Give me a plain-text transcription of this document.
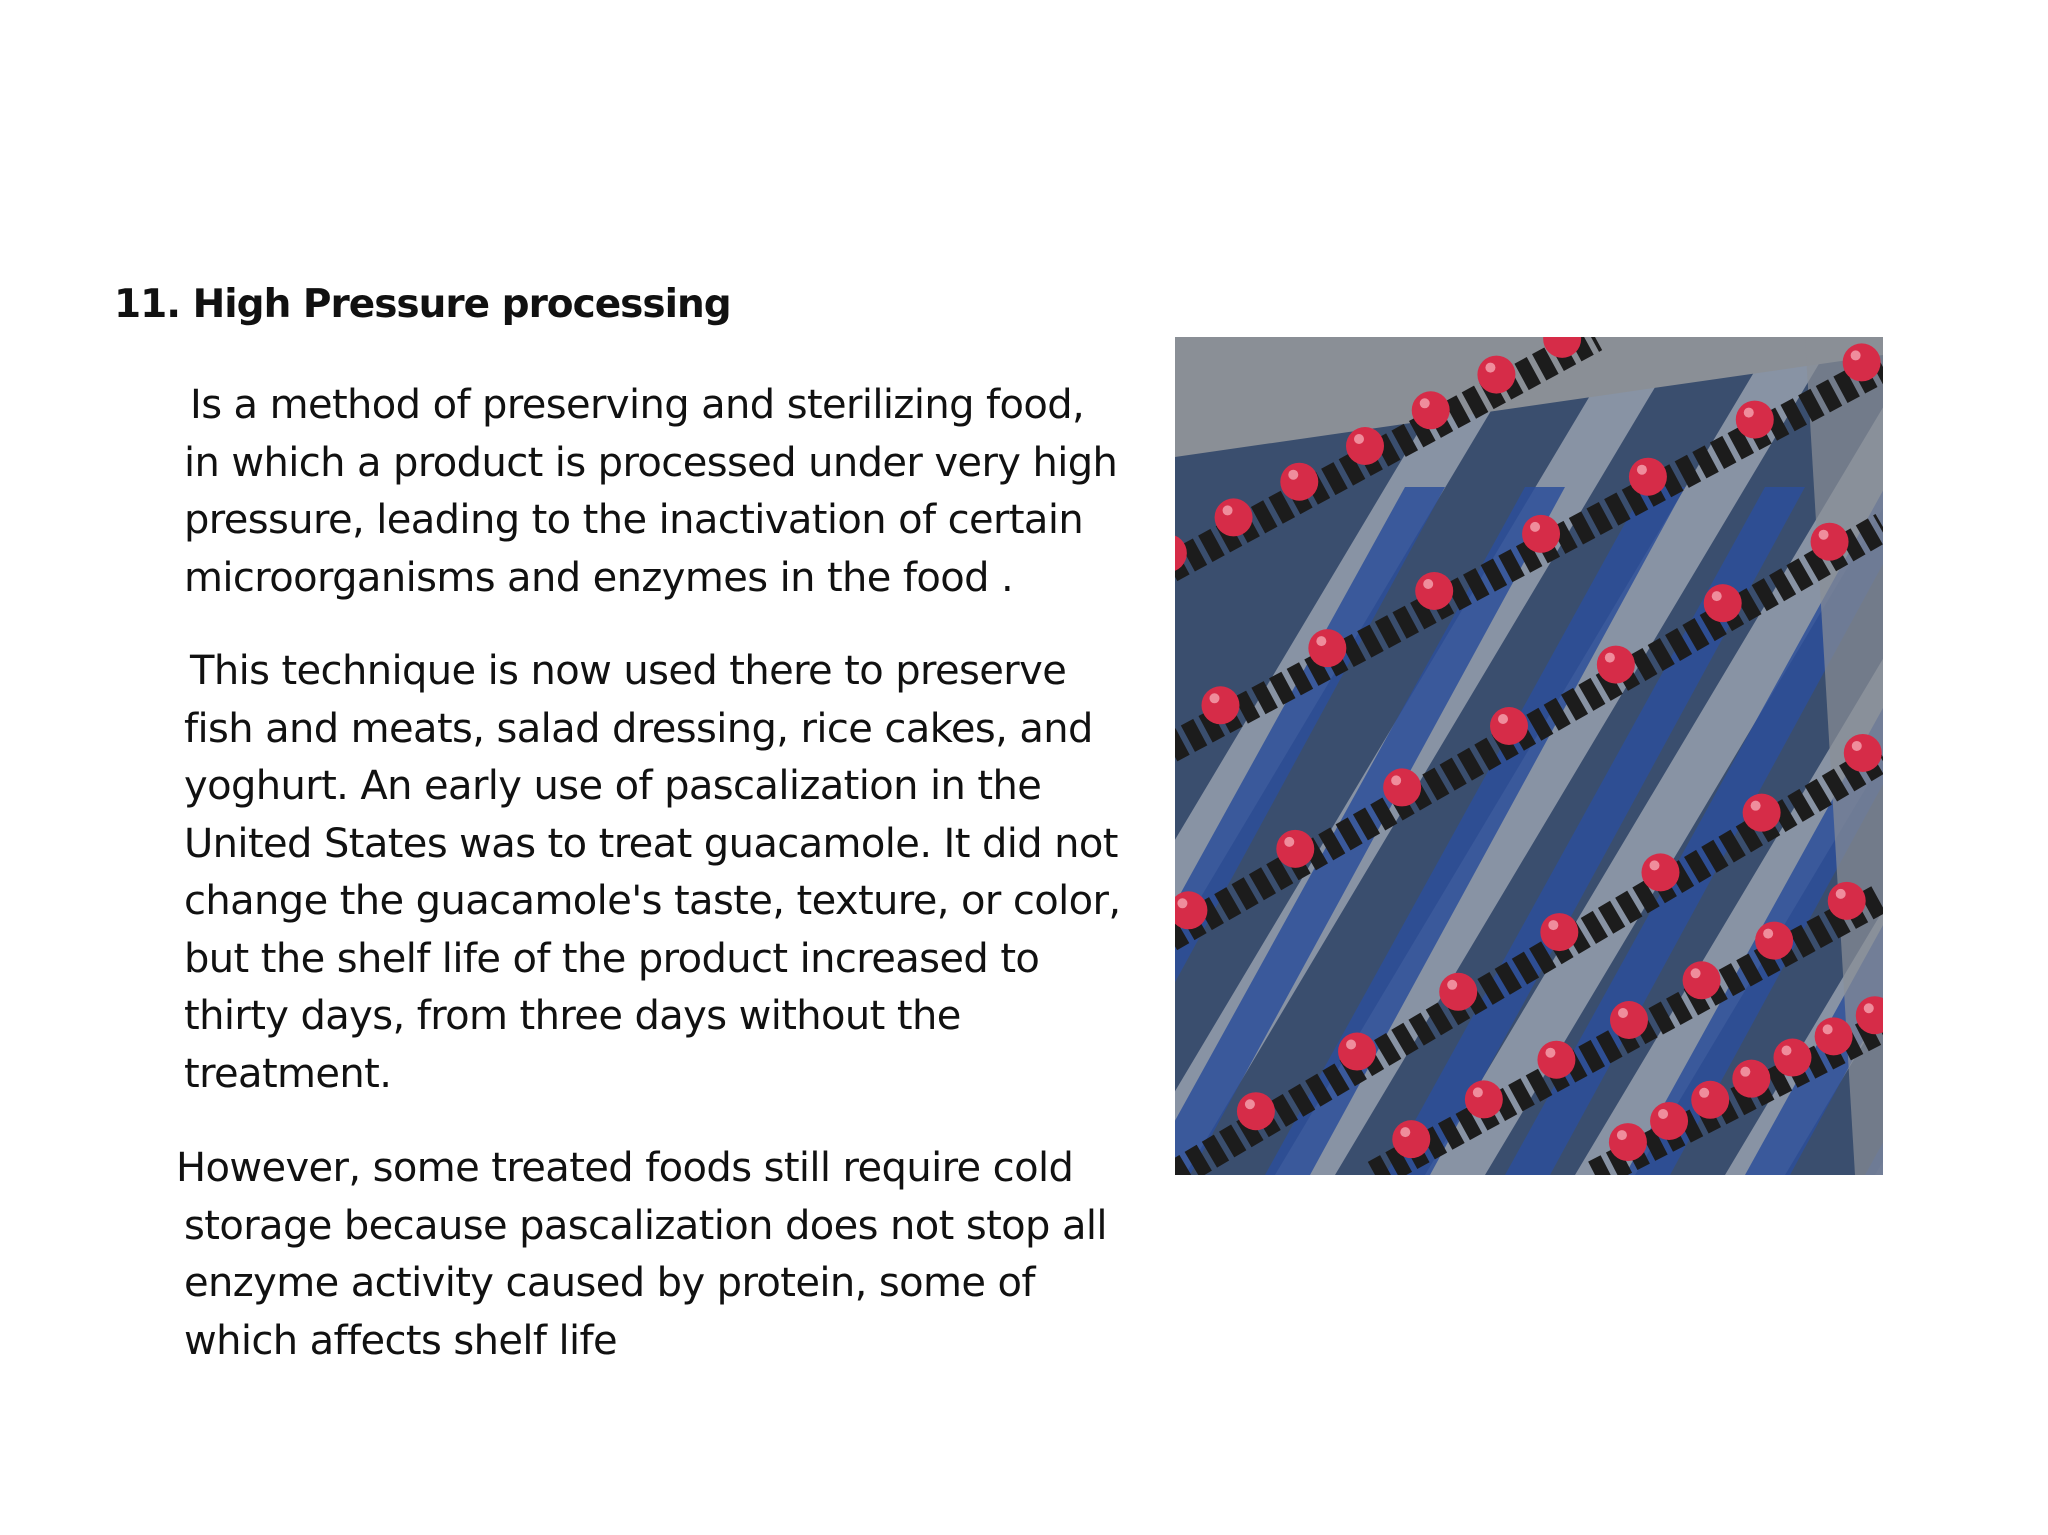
11. High Pressure processing

Is a method of preserving and sterilizing food,
in which a product is processed under very high
pressure, leading to the inactivation of certain
microorganisms and enzymes in the food .

This technique is now used there to preserve
fish and meats, salad dressing, rice cakes, and
yoghurt. An early use of pascalization in the
United States was to treat guacamole. It did not
change the guacamole's taste, texture, or color,
but the shelf life of the product increased to
thirty days, from three days without the
treatment.

However, some treated foods still require cold
storage because pascalization does not stop all
enzyme activity caused by protein, some of
which affects shelf life
